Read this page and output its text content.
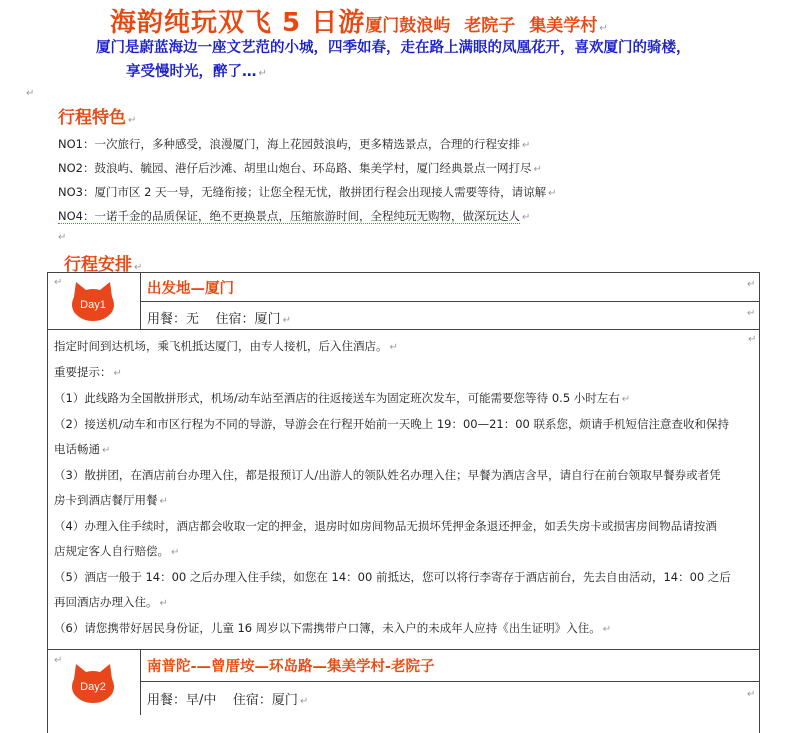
海韵纯玩双飞 5 日游厦门鼓浪屿 老院子 集美学村 ↵
厦门是蔚蓝海边一座文艺范的小城，四季如春，走在路上满眼的凤凰花开，喜欢厦门的骑楼，
享受慢时光，醉了… ↵
↵
行程特色 ↵
NO1：一次旅行，多种感受，浪漫厦门，海上花园鼓浪屿，更多精选景点，合理的行程安排 ↵
NO2：鼓浪屿、毓园、港仔后沙滩、胡里山炮台、环岛路、集美学村，厦门经典景点一网打尽 ↵
NO3：厦门市区 2 天一导，无缝衔接；让您全程无忧，散拼团行程会出现接人需要等待，请谅解 ↵
NO4：一诺千金的品质保证，绝不更换景点，压缩旅游时间，全程纯玩无购物，做深玩达人 ↵
↵
行程安排 ↵
↵
Day1
出发地—厦门	↵
用餐：无 住宿：厦门 ↵
↵

指定时间到达机场，乘飞机抵达厦门，由专人接机，后入住酒店。 ↵

重要提示： ↵

（1）此线路为全国散拼形式，机场/动车站至酒店的往返接送车为固定班次发车，可能需要您等待 0.5 小时左右 ↵

（2）接送机/动车和市区行程为不同的导游，导游会在行程开始前一天晚上 19：00—21：00 联系您，烦请手机短信注意查收和保持

电话畅通 ↵

（3）散拼团，在酒店前台办理入住，都是报预订人/出游人的领队姓名办理入住；早餐为酒店含早，请自行在前台领取早餐券或者凭

房卡到酒店餐厅用餐 ↵

（4）办理入住手续时，酒店都会收取一定的押金，退房时如房间物品无损坏凭押金条退还押金，如丢失房卡或损害房间物品请按酒

店规定客人自行赔偿。 ↵

（5）酒店一般于 14：00 之后办理入住手续，如您在 14：00 前抵达，您可以将行李寄存于酒店前台，先去自由活动，14：00 之后

再回酒店办理入住。 ↵

（6）请您携带好居民身份证，儿童 16 周岁以下需携带户口簿，未入户的未成年人应持《出生证明》入住。 ↵

↵
↵
Day2
南普陀-—曾厝垵—环岛路—集美学村-老院子
用餐：早/中 住宿：厦门 ↵
↵
